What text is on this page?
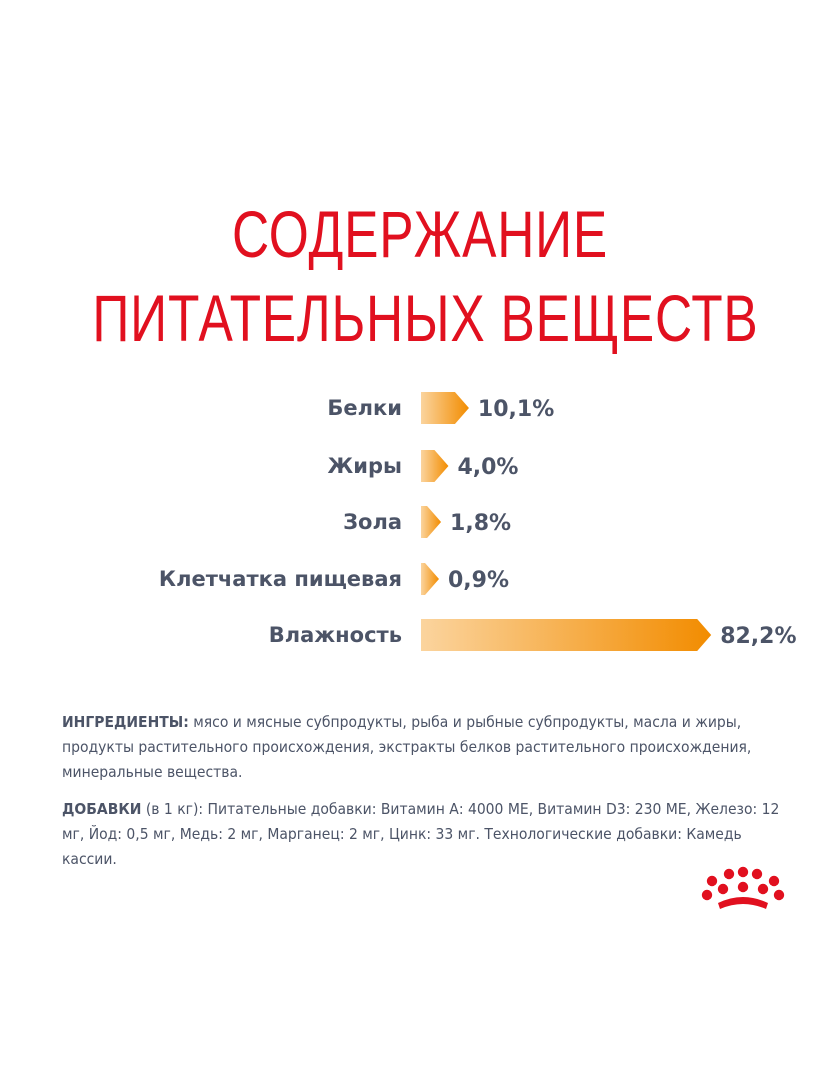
СОДЕРЖАНИЕ
ПИТАТЕЛЬНЫХ ВЕЩЕСТВ
Белки	10,1%
Жиры	4,0%
Зола 1,8%
Клетчатка пищевая 0,9%
Влажность	82,2%
ИНГРЕДИЕНТЫ: мясо и мясные субпродукты, рыба и рыбные субпродукты, масла и жиры, продукты растительного происхождения, экстракты белков растительного происхождения, минеральные вещества.
ДОБАВКИ (в 1 кг): Питательные добавки: Витамин А: 4000 МЕ, Витамин D3: 230 МЕ, Железо: 12 мг, Йод: 0,5 мг, Медь: 2 мг, Марганец: 2 мг, Цинк: 33 мг. Технологические добавки: Камедь кассии.
